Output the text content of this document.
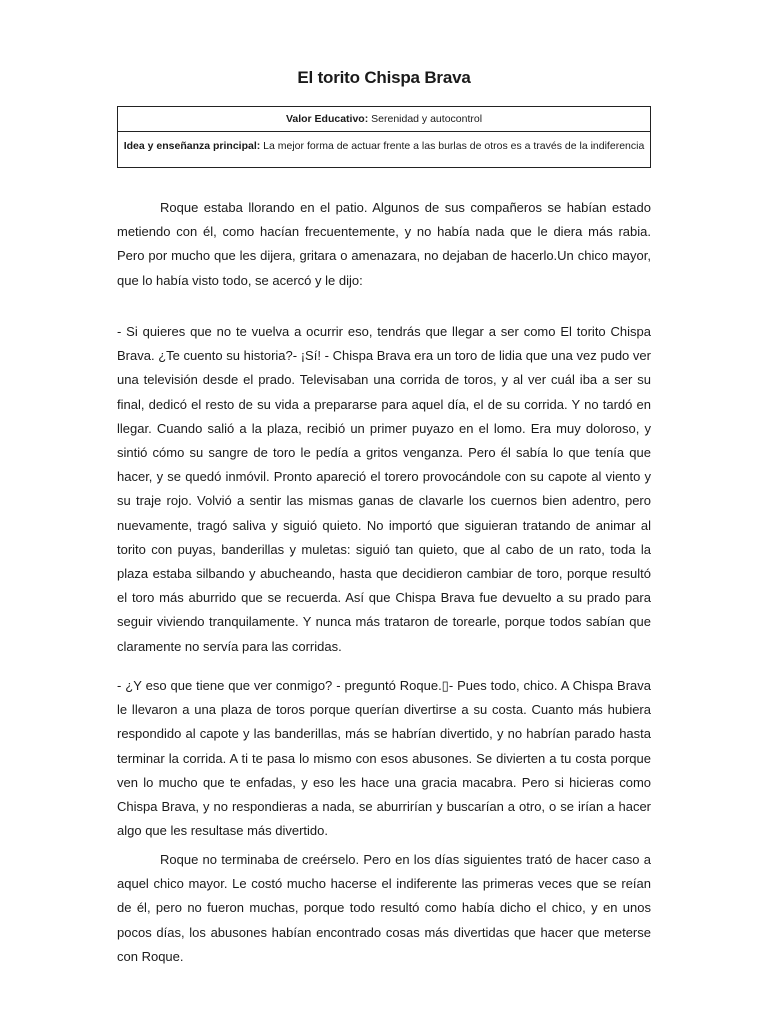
El torito Chispa Brava
Valor Educativo: Serenidad y autocontrol
Idea y enseñanza principal: La mejor forma de actuar frente a las burlas de otros es a través de la indiferencia

Roque estaba llorando en el patio. Algunos de sus compañeros se habían estado metiendo con él, como hacían frecuentemente, y no había nada que le diera más rabia. Pero por mucho que les dijera, gritara o amenazara, no dejaban de hacerlo.Un chico mayor, que lo había visto todo, se acercó y le dijo:

- Si quieres que no te vuelva a ocurrir eso, tendrás que llegar a ser como El torito Chispa Brava. ¿Te cuento su historia?- ¡Sí! - Chispa Brava era un toro de lidia que una vez pudo ver una televisión desde el prado. Televisaban una corrida de toros, y al ver cuál iba a ser su final, dedicó el resto de su vida a prepararse para aquel día, el de su corrida. Y no tardó en llegar. Cuando salió a la plaza, recibió un primer puyazo en el lomo. Era muy doloroso, y sintió cómo su sangre de toro le pedía a gritos venganza. Pero él sabía lo que tenía que hacer, y se quedó inmóvil. Pronto apareció el torero provocándole con su capote al viento y su traje rojo. Volvió a sentir las mismas ganas de clavarle los cuernos bien adentro, pero nuevamente, tragó saliva y siguió quieto. No importó que siguieran tratando de animar al torito con puyas, banderillas y muletas: siguió tan quieto, que al cabo de un rato, toda la plaza estaba silbando y abucheando, hasta que decidieron cambiar de toro, porque resultó el toro más aburrido que se recuerda. Así que Chispa Brava fue devuelto a su prado para seguir viviendo tranquilamente. Y nunca más trataron de torearle, porque todos sabían que claramente no servía para las corridas.

- ¿Y eso que tiene que ver conmigo? - preguntó Roque.▯- Pues todo, chico. A Chispa Brava le llevaron a una plaza de toros porque querían divertirse a su costa. Cuanto más hubiera respondido al capote y las banderillas, más se habrían divertido, y no habrían parado hasta terminar la corrida. A ti te pasa lo mismo con esos abusones. Se divierten a tu costa porque ven lo mucho que te enfadas, y eso les hace una gracia macabra. Pero si hicieras como Chispa Brava, y no respondieras a nada, se aburrirían y buscarían a otro, o se irían a hacer algo que les resultase más divertido.

Roque no terminaba de creérselo. Pero en los días siguientes trató de hacer caso a aquel chico mayor. Le costó mucho hacerse el indiferente las primeras veces que se reían de él, pero no fueron muchas, porque todo resultó como había dicho el chico, y en unos pocos días, los abusones habían encontrado cosas más divertidas que hacer que meterse con Roque.
